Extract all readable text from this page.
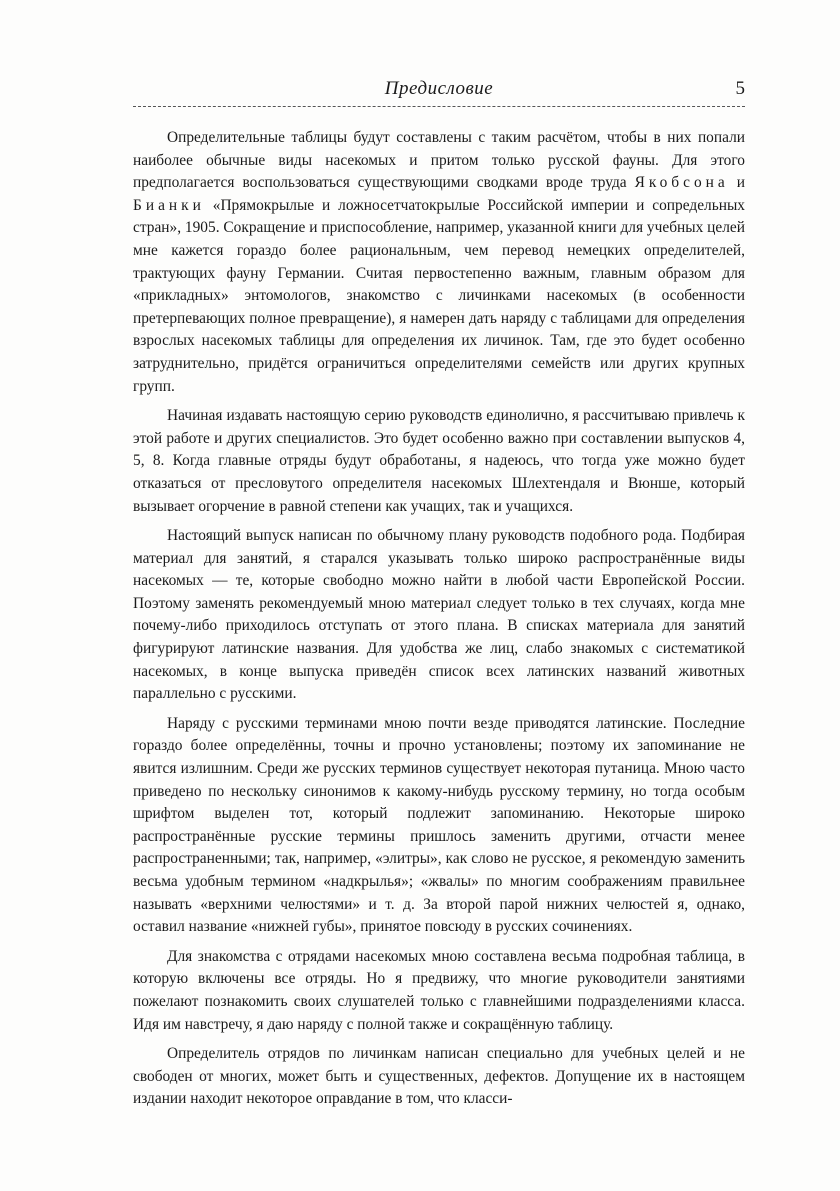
Предисловие	5

Определительные таблицы будут составлены с таким расчётом, чтобы в них попали наиболее обычные виды насекомых и притом только русской фауны. Для этого предполагается воспользоваться существующими сводками вроде труда Якобсона и Бианки «Прямокрылые и ложносетчатокрылые Российской империи и сопредельных стран», 1905. Сокращение и приспособление, например, указанной книги для учебных целей мне кажется гораздо более рациональным, чем перевод немецких определителей, трактующих фауну Германии. Считая первостепенно важным, главным образом для «прикладных» энтомологов, знакомство с личинками насекомых (в особенности претерпевающих полное превращение), я намерен дать наряду с таблицами для определения взрослых насекомых таблицы для определения их личинок. Там, где это будет особенно затруднительно, придётся ограничиться определителями семейств или других крупных групп.

Начиная издавать настоящую серию руководств единолично, я рассчитываю привлечь к этой работе и других специалистов. Это будет особенно важно при составлении выпусков 4, 5, 8. Когда главные отряды будут обработаны, я надеюсь, что тогда уже можно будет отказаться от пресловутого определителя насекомых Шлехтендаля и Вюнше, который вызывает огорчение в равной степени как учащих, так и учащихся.

Настоящий выпуск написан по обычному плану руководств подобного рода. Подбирая материал для занятий, я старался указывать только широко распространённые виды насекомых — те, которые свободно можно найти в любой части Европейской России. Поэтому заменять рекомендуемый мною материал следует только в тех случаях, когда мне почему-либо приходилось отступать от этого плана. В списках материала для занятий фигурируют латинские названия. Для удобства же лиц, слабо знакомых с систематикой насекомых, в конце выпуска приведён список всех латинских названий животных параллельно с русскими.

Наряду с русскими терминами мною почти везде приводятся латинские. Последние гораздо более определённы, точны и прочно установлены; поэтому их запоминание не явится излишним. Среди же русских терминов существует некоторая путаница. Мною часто приведено по нескольку синонимов к какому-нибудь русскому термину, но тогда особым шрифтом выделен тот, который подлежит запоминанию. Некоторые широко распространённые русские термины пришлось заменить другими, отчасти менее распространенными; так, например, «элитры», как слово не русское, я рекомендую заменить весьма удобным термином «надкрылья»; «жвалы» по многим соображениям правильнее называть «верхними челюстями» и т. д. За второй парой нижних челюстей я, однако, оставил название «нижней губы», принятое повсюду в русских сочинениях.

Для знакомства с отрядами насекомых мною составлена весьма подробная таблица, в которую включены все отряды. Но я предвижу, что многие руководители занятиями пожелают познакомить своих слушателей только с главнейшими подразделениями класса. Идя им навстречу, я даю наряду с полной также и сокращённую таблицу.

Определитель отрядов по личинкам написан специально для учебных целей и не свободен от многих, может быть и существенных, дефектов. Допущение их в настоящем издании находит некоторое оправдание в том, что класси-
